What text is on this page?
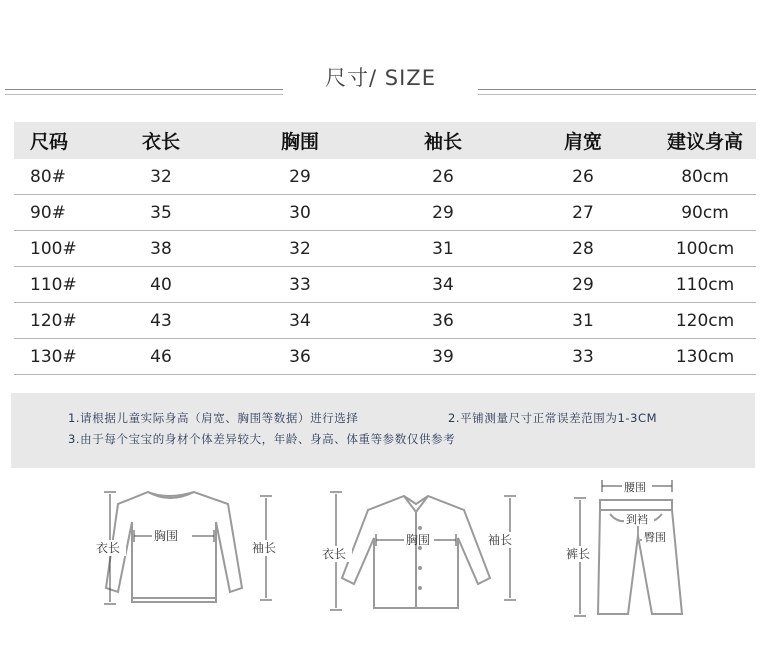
尺寸/ SIZE
尺码	衣长	胸围	袖长	肩宽	建议身高
80#	32	29	26	26	80cm
90#	35	30	29	27	90cm
100#	38	32	31	28	100cm
110#	40	33	34	29	110cm
120#	43	34	36	31	120cm
130#	46	36	39	33	130cm
1.请根据儿童实际身高（肩宽、胸围等数据）进行选择	2.平铺测量尺寸正常误差范围为1-3CM
3.由于每个宝宝的身材个体差异较大，年龄、身高、体重等参数仅供参考
衣长
胸围
袖长	衣长
胸围	袖长
腰围
到裆
臀围
裤长
